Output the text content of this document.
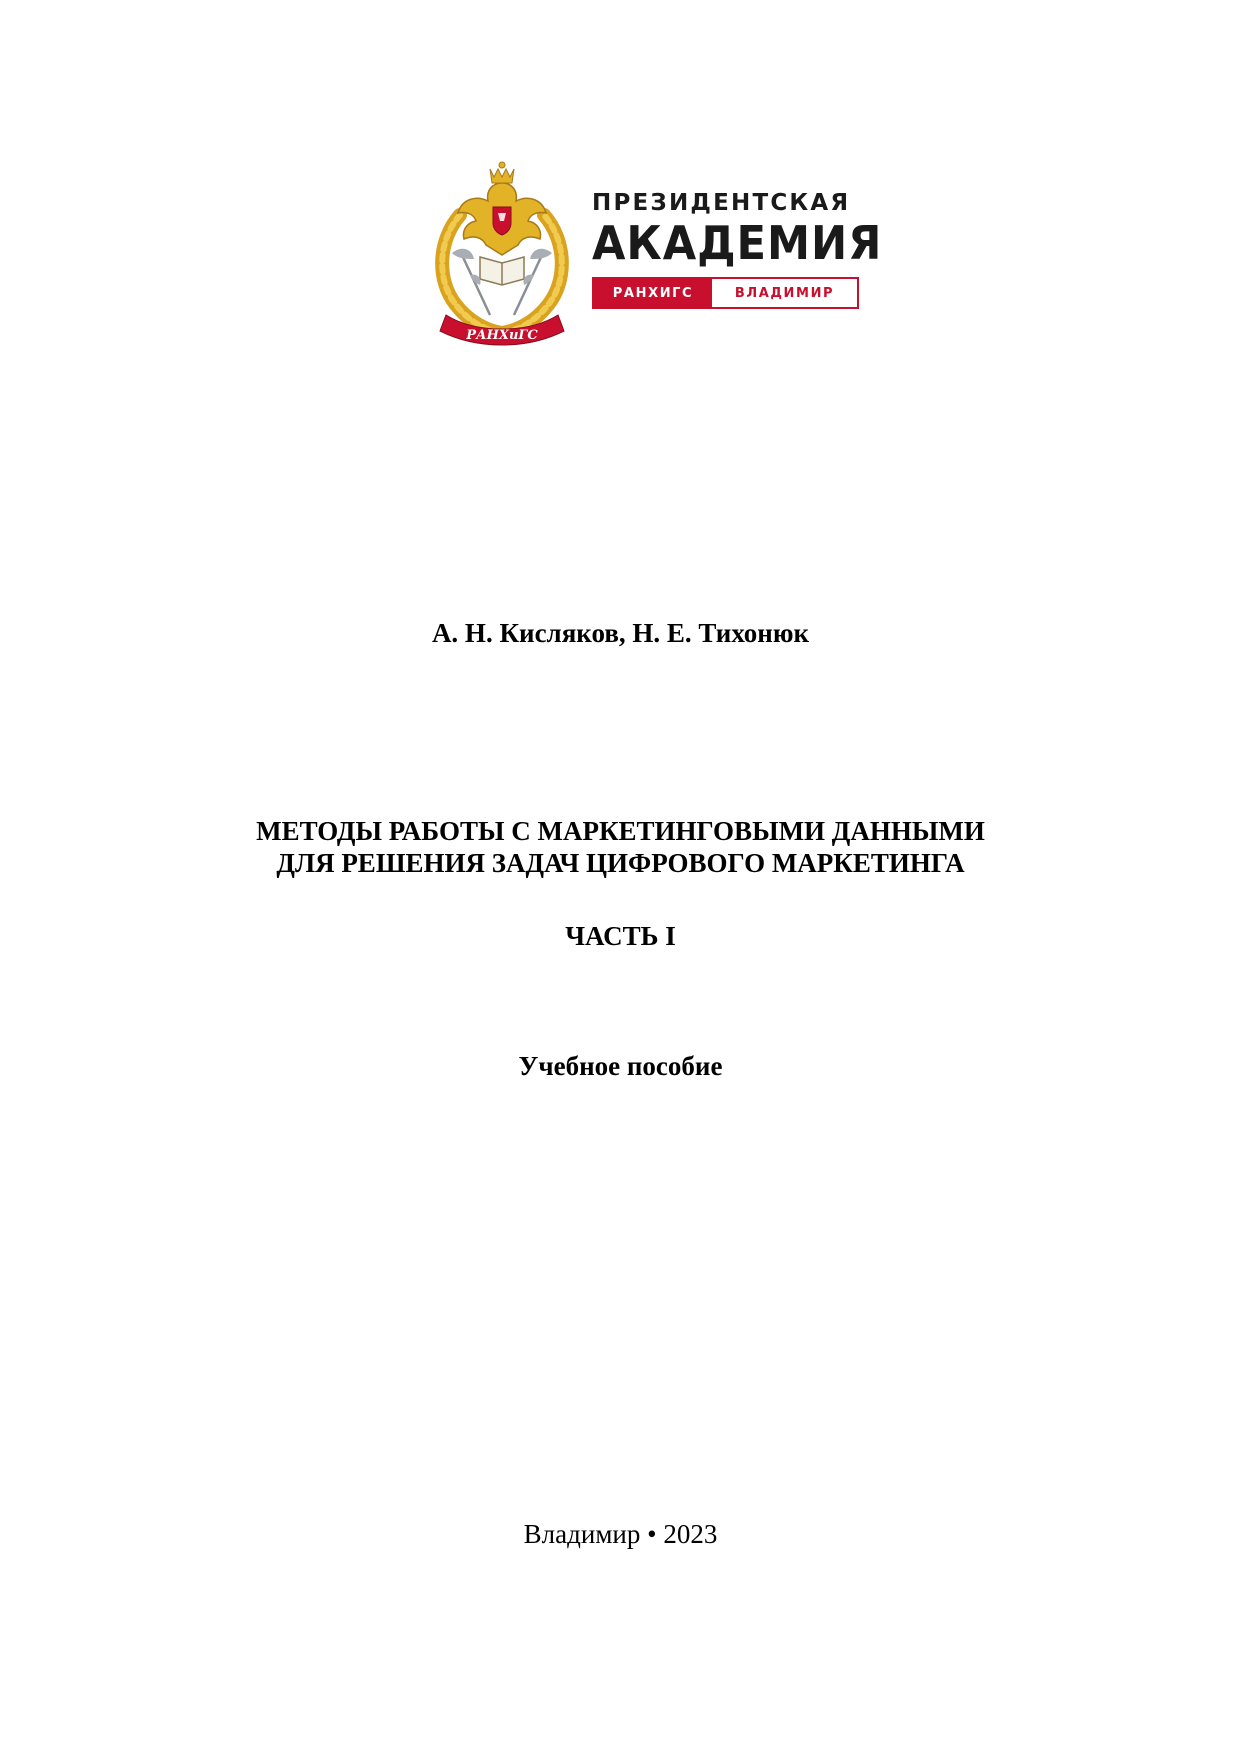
РАНХиГС
ПРЕЗИДЕНТСКАЯ
АКАДЕМИЯ
РАНХИГС	ВЛАДИМИР
А. Н. Кисляков, Н. Е. Тихонюк
МЕТОДЫ РАБОТЫ С МАРКЕТИНГОВЫМИ ДАННЫМИ
ДЛЯ РЕШЕНИЯ ЗАДАЧ ЦИФРОВОГО МАРКЕТИНГА
ЧАСТЬ I
Учебное пособие
Владимир • 2023
